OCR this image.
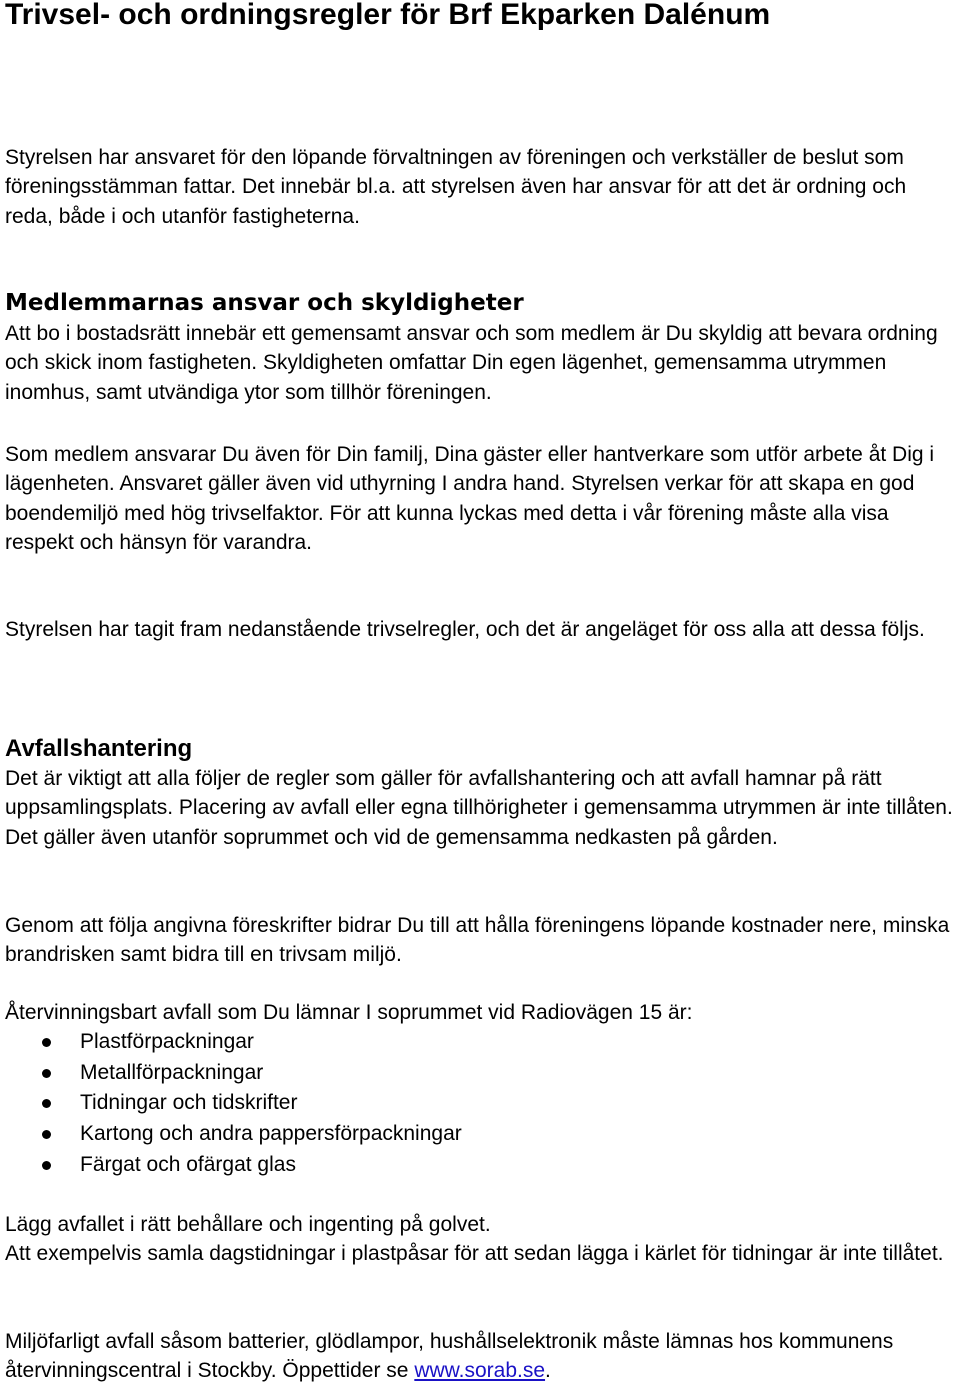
Trivsel- och ordningsregler för Brf Ekparken Dalénum

Styrelsen har ansvaret för den löpande förvaltningen av föreningen och verkställer de beslut som föreningsstämman fattar. Det innebär bl.a. att styrelsen även har ansvar för att det är ordning och reda, både i och utanför fastigheterna.

Medlemmarnas ansvar och skyldigheter

Att bo i bostadsrätt innebär ett gemensamt ansvar och som medlem är Du skyldig att bevara ordning och skick inom fastigheten. Skyldigheten omfattar Din egen lägenhet, gemensamma utrymmen inomhus, samt utvändiga ytor som tillhör föreningen.

Som medlem ansvarar Du även för Din familj, Dina gäster eller hantverkare som utför arbete åt Dig i lägenheten. Ansvaret gäller även vid uthyrning I andra hand. Styrelsen verkar för att skapa en god boendemiljö med hög trivselfaktor. För att kunna lyckas med detta i vår förening måste alla visa respekt och hänsyn för varandra.

Styrelsen har tagit fram nedanstående trivselregler, och det är angeläget för oss alla att dessa följs.

Avfallshantering

Det är viktigt att alla följer de regler som gäller för avfallshantering och att avfall hamnar på rätt uppsamlingsplats. Placering av avfall eller egna tillhörigheter i gemensamma utrymmen är inte tillåten. Det gäller även utanför soprummet och vid de gemensamma nedkasten på gården.

Genom att följa angivna föreskrifter bidrar Du till att hålla föreningens löpande kostnader nere, minska brandrisken samt bidra till en trivsam miljö.

Återvinningsbart avfall som Du lämnar I soprummet vid Radiovägen 15 är:

Plastförpackningar
Metallförpackningar
Tidningar och tidskrifter
Kartong och andra pappersförpackningar
Färgat och ofärgat glas

Lägg avfallet i rätt behållare och ingenting på golvet.

Att exempelvis samla dagstidningar i plastpåsar för att sedan lägga i kärlet för tidningar är inte tillåtet.

Miljöfarligt avfall såsom batterier, glödlampor, hushållselektronik måste lämnas hos kommunens återvinningscentral i Stockby. Öppettider se www.sorab.se.
